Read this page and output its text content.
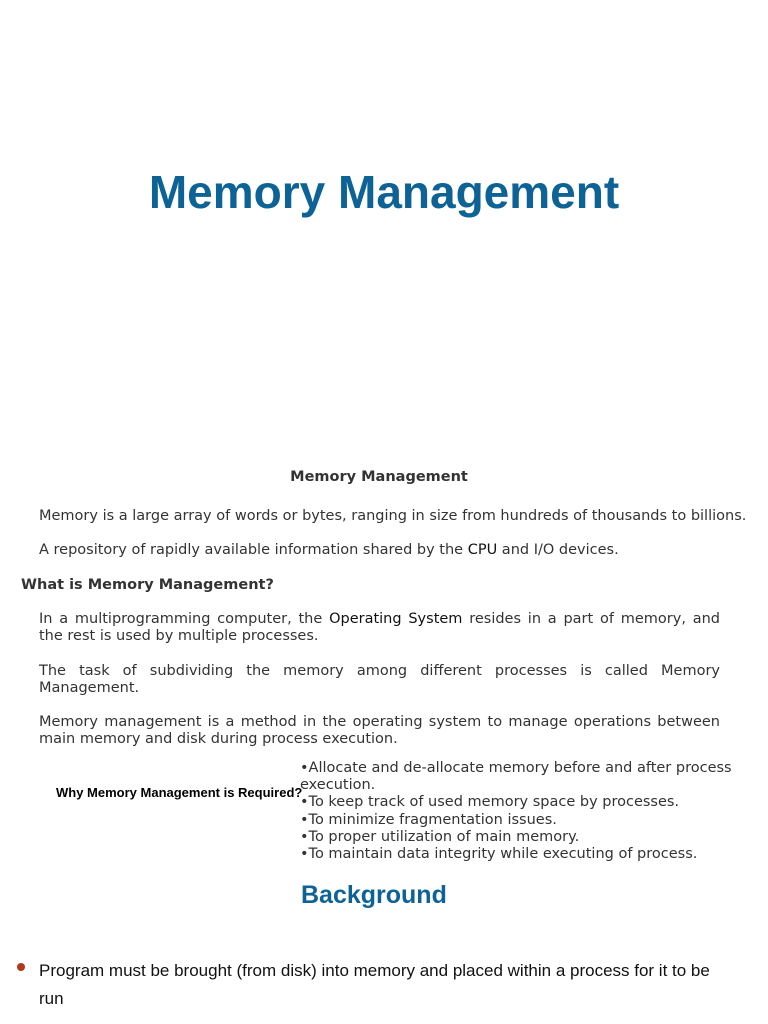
Memory Management
Memory Management
Memory is a large array of words or bytes, ranging in size from hundreds of thousands to billions.
A repository of rapidly available information shared by the CPU and I/O devices.
What is Memory Management?
In a multiprogramming computer, the Operating System resides in a part of memory, and the rest is used by multiple processes.
The task of subdividing the memory among different processes is called Memory Management.
Memory management is a method in the operating system to manage operations between main memory and disk during process execution.
Why Memory Management is Required?
•Allocate and de-allocate memory before and after process execution.
•To keep track of used memory space by processes.
•To minimize fragmentation issues.
•To proper utilization of main memory.
•To maintain data integrity while executing of process.
Background
Program must be brought (from disk) into memory and placed within a process for it to be run
